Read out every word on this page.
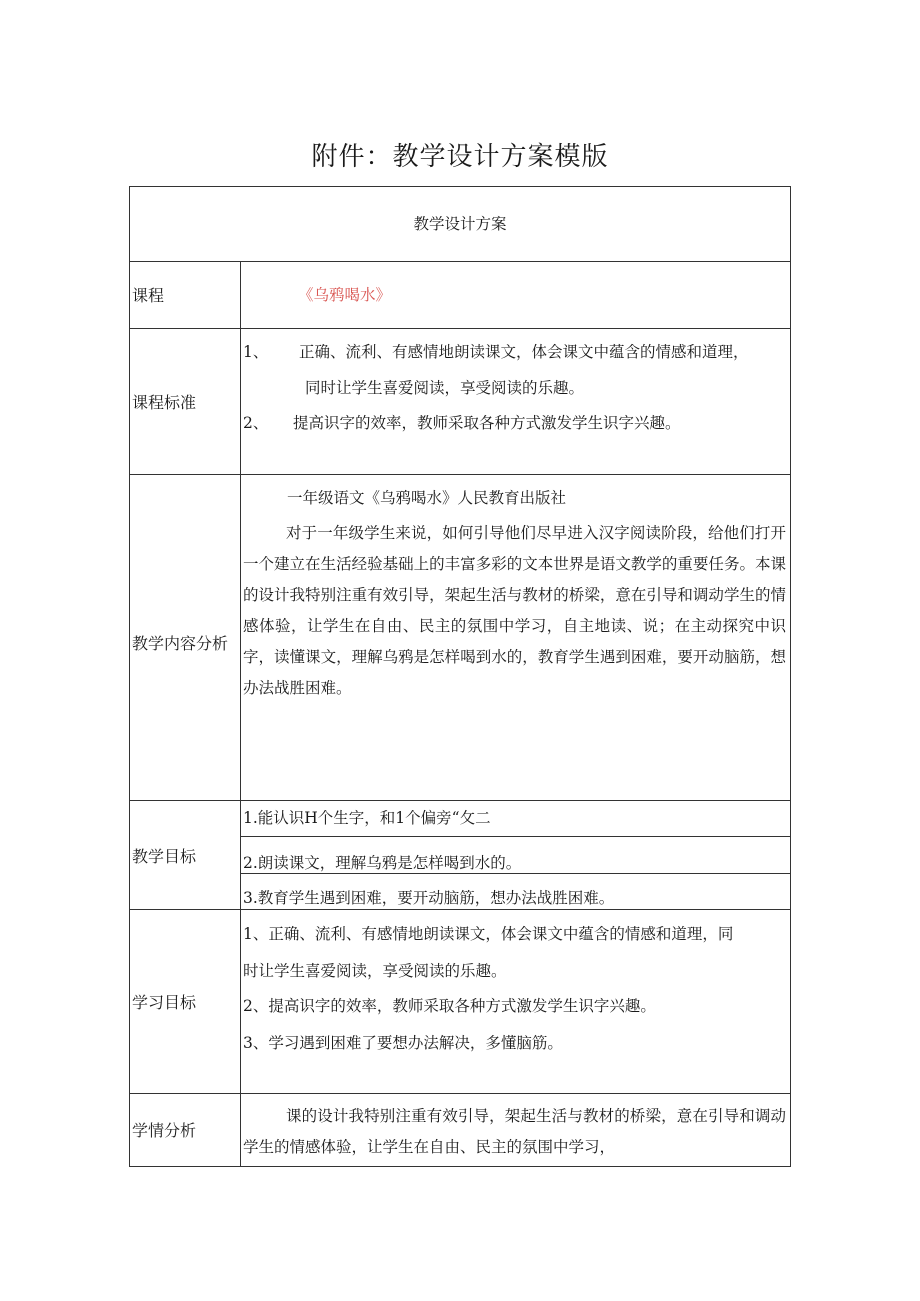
附件：教学设计方案模版
教学设计方案
课程	《乌鸦喝水》
课程标准
1、 正确、流利、有感情地朗读课文，体会课文中蕴含的情感和道理，
同时让学生喜爱阅读，享受阅读的乐趣。
2、 提高识字的效率，教师采取各种方式激发学生识字兴趣。
教学内容分析
一年级语文《乌鸦喝水》人民教育出版社
对于一年级学生来说，如何引导他们尽早进入汉字阅读阶段，给他们打开一个建立在生活经验基础上的丰富多彩的文本世界是语文教学的重要任务。本课的设计我特别注重有效引导，架起生活与教材的桥梁，意在引导和调动学生的情感体验，让学生在自由、民主的氛围中学习，自主地读、说；在主动探究中识字，读懂课文，理解乌鸦是怎样喝到水的，教育学生遇到困难，要开动脑筋，想办法战胜困难。
教学目标
1.能认识H个生字，和1个偏旁“攵二
2.朗读课文，理解乌鸦是怎样喝到水的。
3.教育学生遇到困难，要开动脑筋，想办法战胜困难。
学习目标
1、正确、流利、有感情地朗读课文，体会课文中蕴含的情感和道理，同
时让学生喜爱阅读，享受阅读的乐趣。
2、提高识字的效率，教师采取各种方式激发学生识字兴趣。
3、学习遇到困难了要想办法解决，多懂脑筋。
学情分析
课的设计我特别注重有效引导，架起生活与教材的桥梁，意在引导和调动学生的情感体验，让学生在自由、民主的氛围中学习，
